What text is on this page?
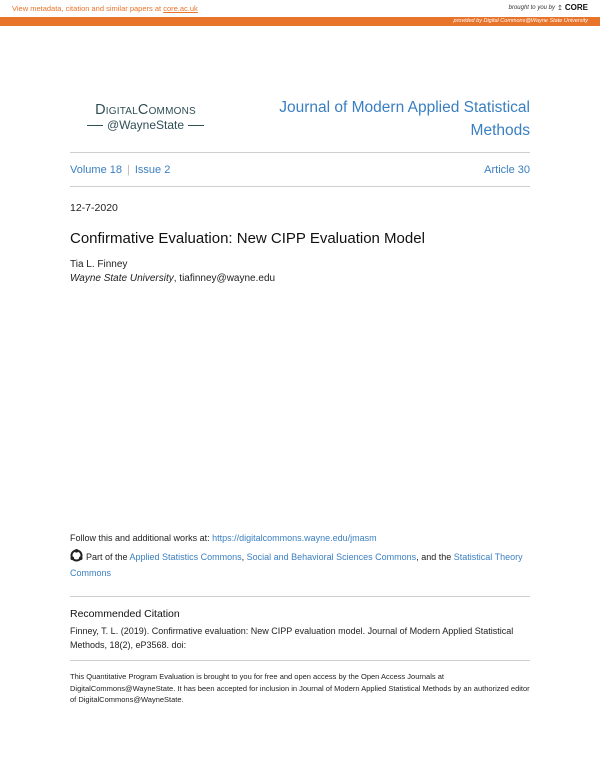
View metadata, citation and similar papers at core.ac.uk	brought to you by ↥ CORE
provided by Digital Commons@Wayne State University
DigitalCommons
@WayneState
Journal of Modern Applied Statistical Methods
Volume 18 | Issue 2	Article 30
12-7-2020
Confirmative Evaluation: New CIPP Evaluation Model
Tia L. Finney
Wayne State University, tiafinney@wayne.edu
Follow this and additional works at: https://digitalcommons.wayne.edu/jmasm
Part of the Applied Statistics Commons, Social and Behavioral Sciences Commons, and the Statistical Theory Commons
Recommended Citation
Finney, T. L. (2019). Confirmative evaluation: New CIPP evaluation model. Journal of Modern Applied Statistical Methods, 18(2), eP3568. doi:
This Quantitative Program Evaluation is brought to you for free and open access by the Open Access Journals at DigitalCommons@WayneState. It has been accepted for inclusion in Journal of Modern Applied Statistical Methods by an authorized editor of DigitalCommons@WayneState.
